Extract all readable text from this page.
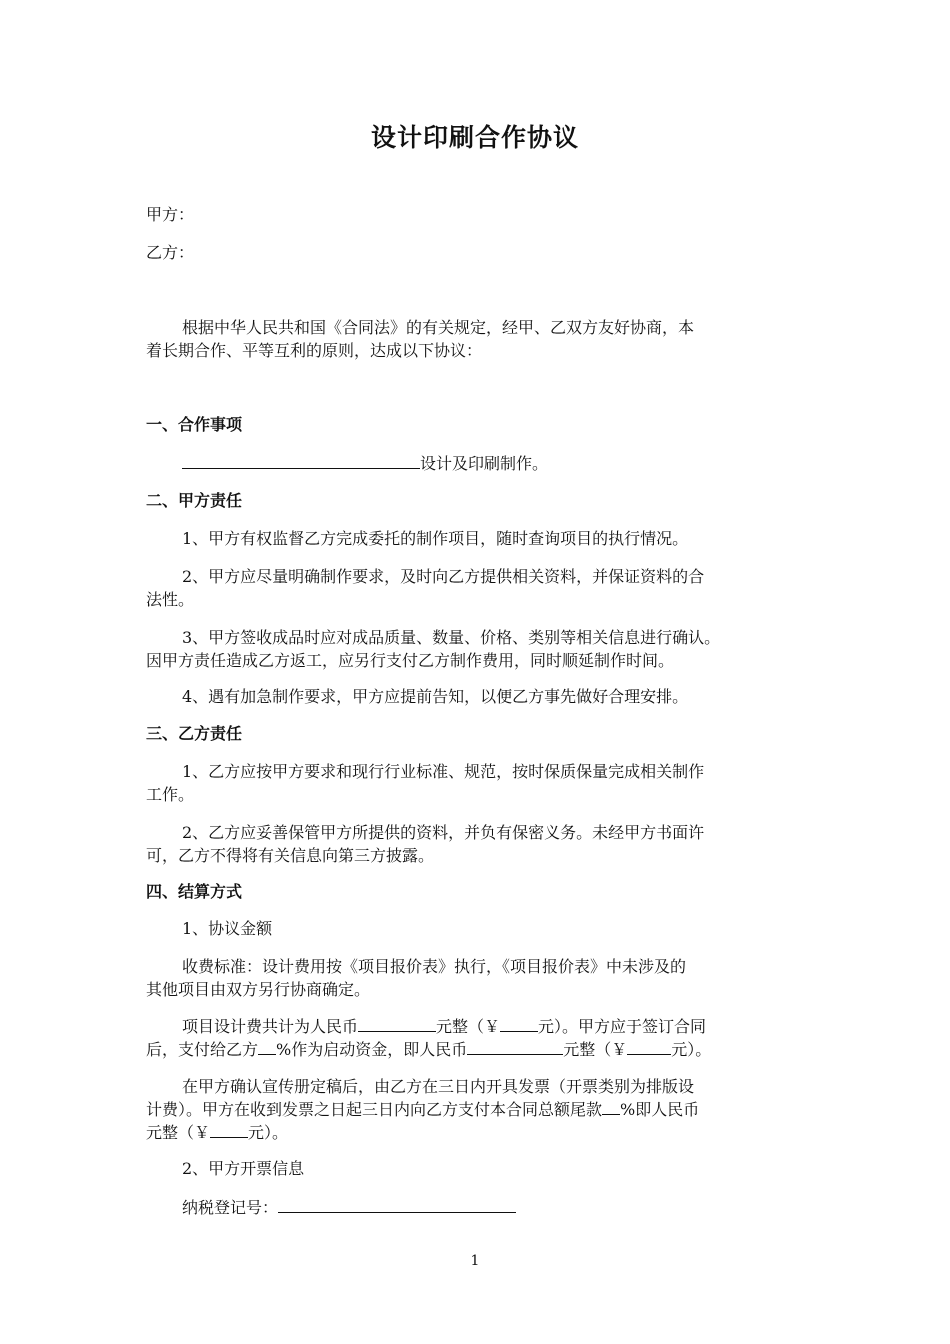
设计印刷合作协议
甲方：
乙方：
根据中华人民共和国《合同法》的有关规定，经甲、乙双方友好协商，本
着长期合作、平等互利的原则，达成以下协议：
一、合作事项
设计及印刷制作。
二、甲方责任
1、甲方有权监督乙方完成委托的制作项目，随时查询项目的执行情况。
2、甲方应尽量明确制作要求，及时向乙方提供相关资料，并保证资料的合
法性。
3、甲方签收成品时应对成品质量、数量、价格、类别等相关信息进行确认。
因甲方责任造成乙方返工，应另行支付乙方制作费用，同时顺延制作时间。
4、遇有加急制作要求，甲方应提前告知，以便乙方事先做好合理安排。
三、乙方责任
1、乙方应按甲方要求和现行行业标准、规范，按时保质保量完成相关制作
工作。
2、乙方应妥善保管甲方所提供的资料，并负有保密义务。未经甲方书面许
可，乙方不得将有关信息向第三方披露。
四、结算方式
1、协议金额
收费标准：设计费用按《项目报价表》执行，《项目报价表》中未涉及的
其他项目由双方另行协商确定。
项目设计费共计为人民币	元整（￥ 元）。甲方应于签订合同
后，支付给乙方 %作为启动资金，即人民币	元整（￥	元）。
在甲方确认宣传册定稿后，由乙方在三日内开具发票（开票类别为排版设
计费）。甲方在收到发票之日起三日内向乙方支付本合同总额尾款 %即人民币
元整（￥ 元）。
2、甲方开票信息
纳税登记号：
1
